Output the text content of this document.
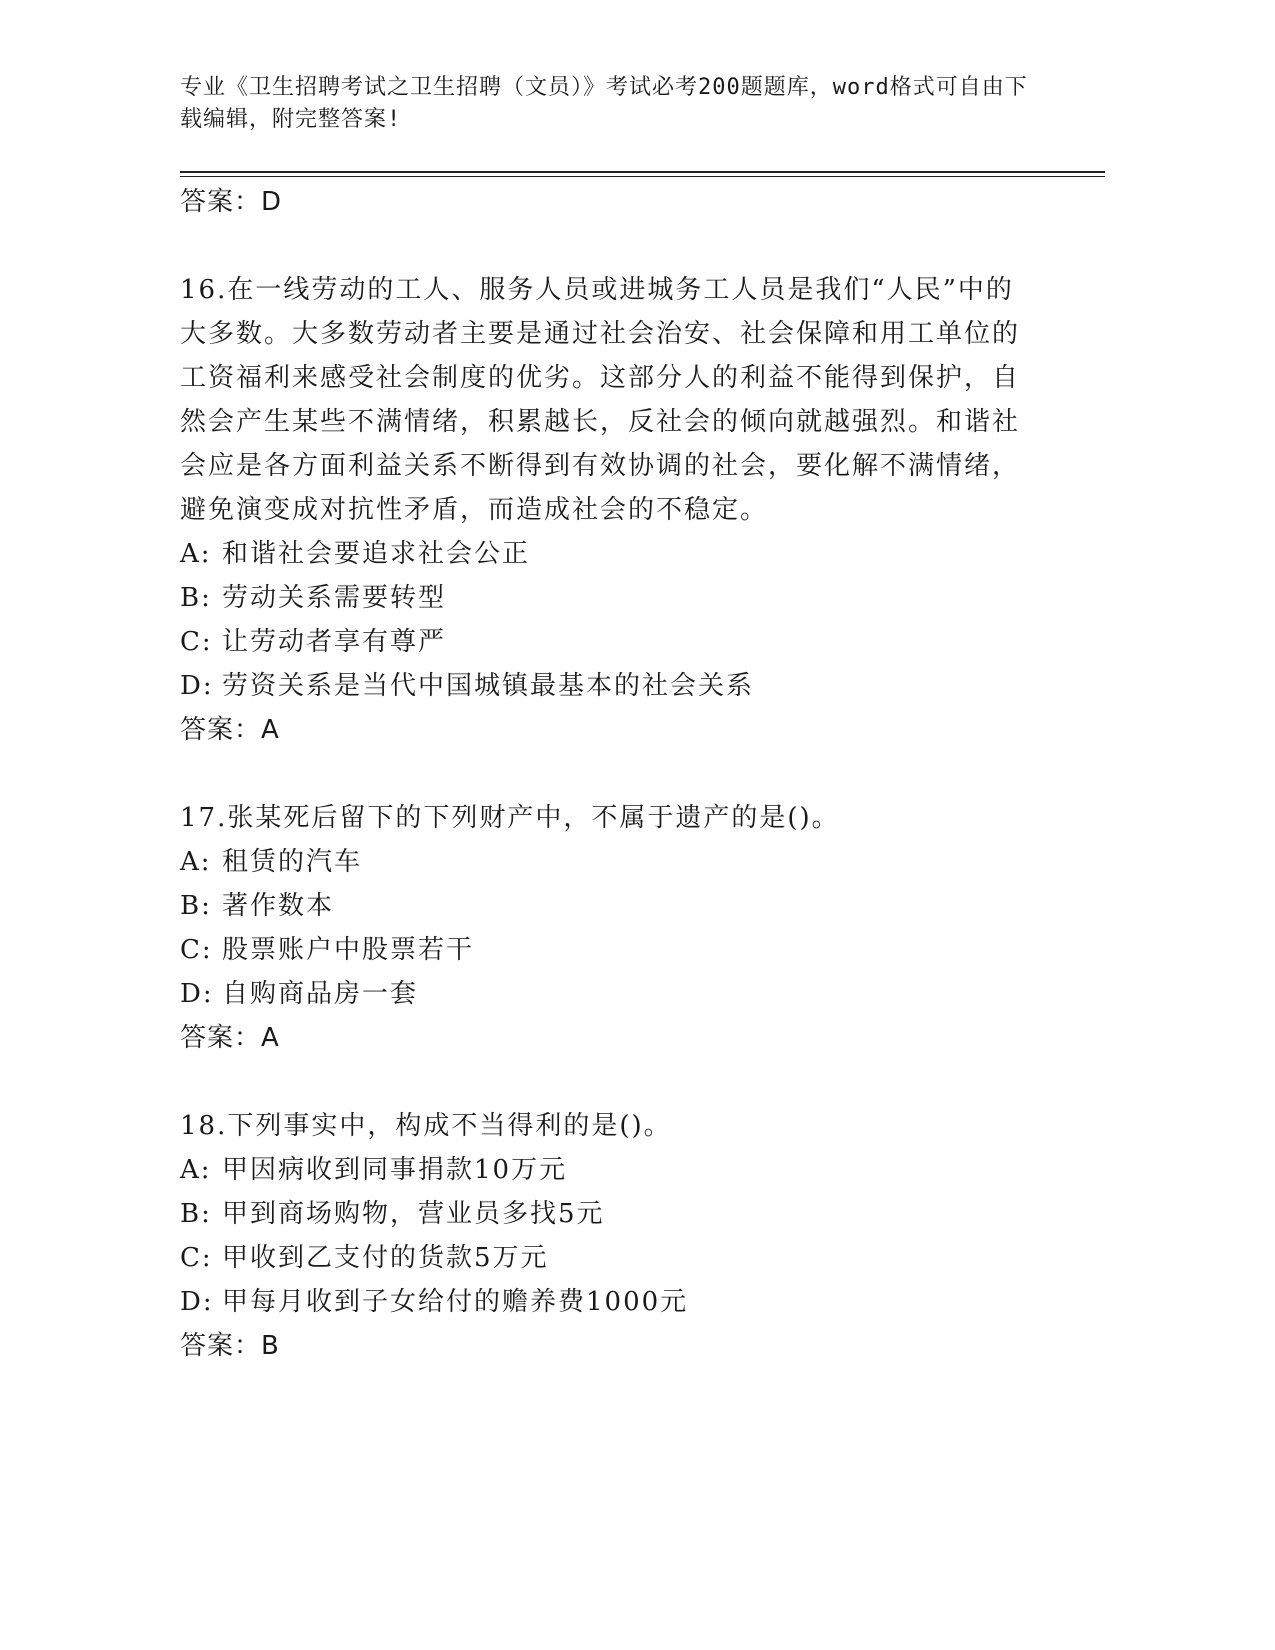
专业《卫生招聘考试之卫生招聘（文员）》考试必考200题题库，word格式可自由下载编辑，附完整答案!
答案：D
16.在一线劳动的工人、服务人员或进城务工人员是我们“人民”中的大多数。大多数劳动者主要是通过社会治安、社会保障和用工单位的工资福利来感受社会制度的优劣。这部分人的利益不能得到保护，自然会产生某些不满情绪，积累越长，反社会的倾向就越强烈。和谐社会应是各方面利益关系不断得到有效协调的社会，要化解不满情绪，避免演变成对抗性矛盾，而造成社会的不稳定。
A: 和谐社会要追求社会公正
B: 劳动关系需要转型
C: 让劳动者享有尊严
D: 劳资关系是当代中国城镇最基本的社会关系
答案：A
17.张某死后留下的下列财产中，不属于遗产的是()。
A: 租赁的汽车
B: 著作数本
C: 股票账户中股票若干
D: 自购商品房一套
答案：A
18.下列事实中，构成不当得利的是()。
A: 甲因病收到同事捐款10万元
B: 甲到商场购物，营业员多找5元
C: 甲收到乙支付的货款5万元
D: 甲每月收到子女给付的赡养费1000元
答案：B
